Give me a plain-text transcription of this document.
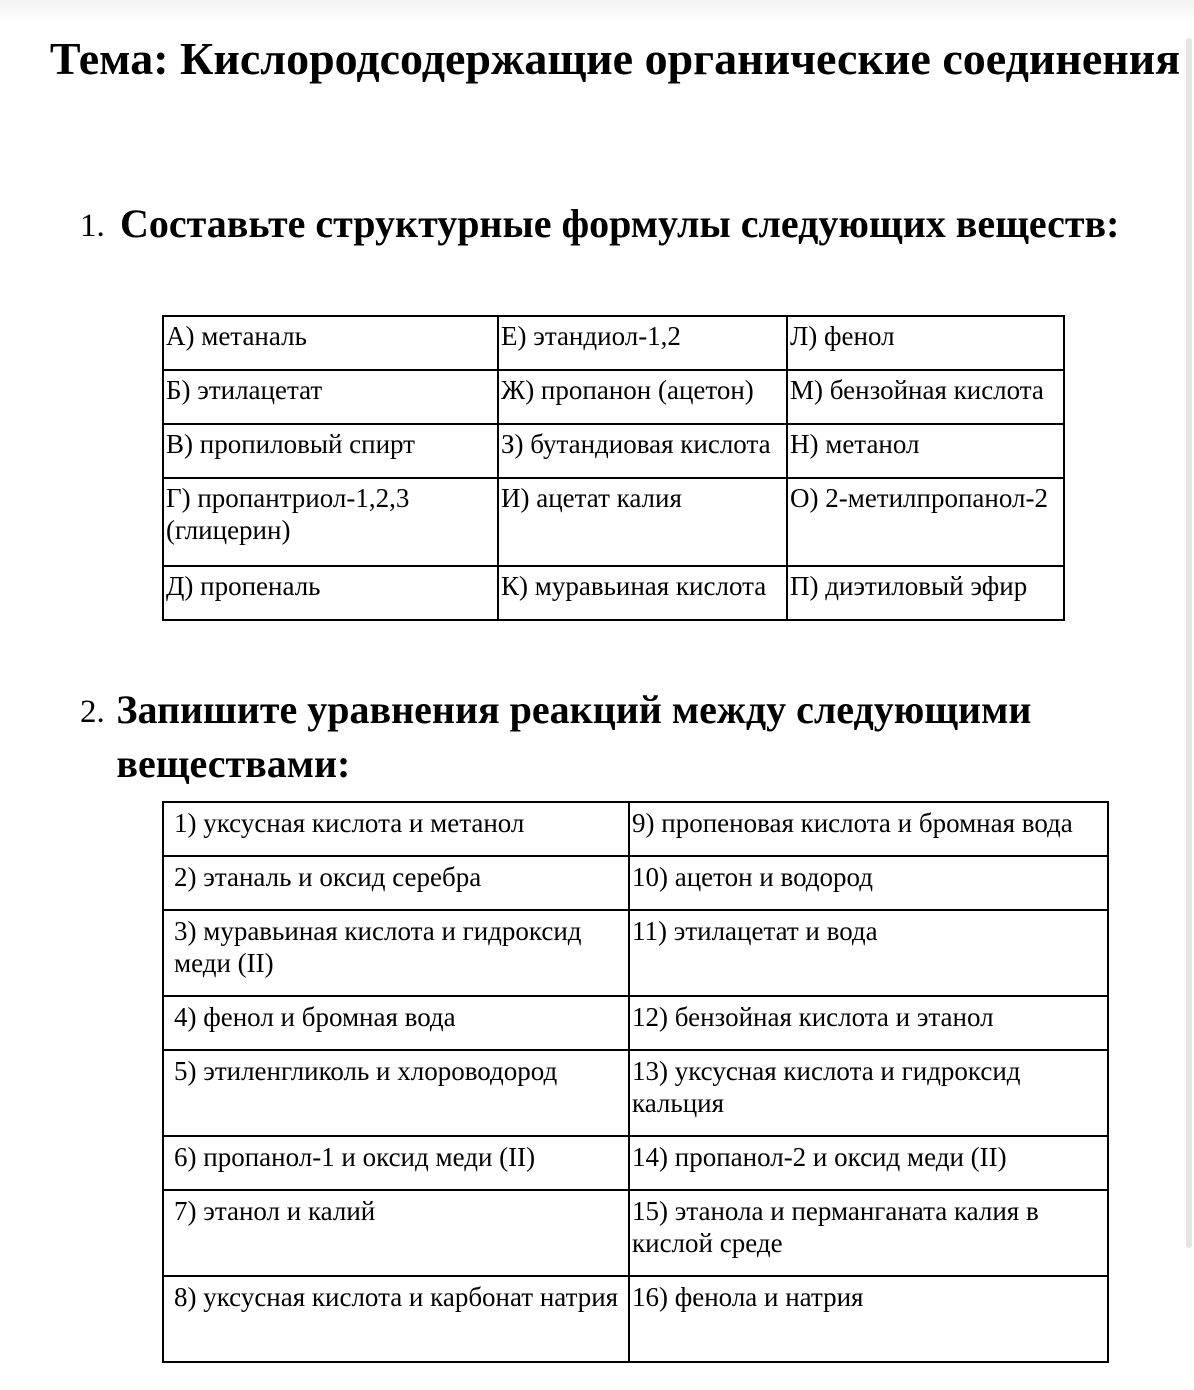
Тема: Кислородсодержащие органические соединения
1. Составьте структурные формулы следующих веществ:
А) метаналь	Е) этандиол-1,2	Л) фенол
Б) этилацетат	Ж) пропанон (ацетон)	М) бензойная кислота
В) пропиловый спирт	З) бутандиовая кислота	Н) метанол
Г) пропантриол-1,2,3 (глицерин)	И) ацетат калия	О) 2-метилпропанол-2
Д) пропеналь	К) муравьиная кислота	П) диэтиловый эфир
2. Запишите уравнения реакций между следующими веществами:
1) уксусная кислота и метанол	9) пропеновая кислота и бромная вода
2) этаналь и оксид серебра	10) ацетон и водород
3) муравьиная кислота и гидроксид меди (II)	11) этилацетат и вода
4) фенол и бромная вода	12) бензойная кислота и этанол
5) этиленгликоль и хлороводород	13) уксусная кислота и гидроксид кальция
6) пропанол-1 и оксид меди (II)	14) пропанол-2 и оксид меди (II)
7) этанол и калий	15) этанола и перманганата калия в кислой среде
8) уксусная кислота и карбонат натрия	16) фенола и натрия
